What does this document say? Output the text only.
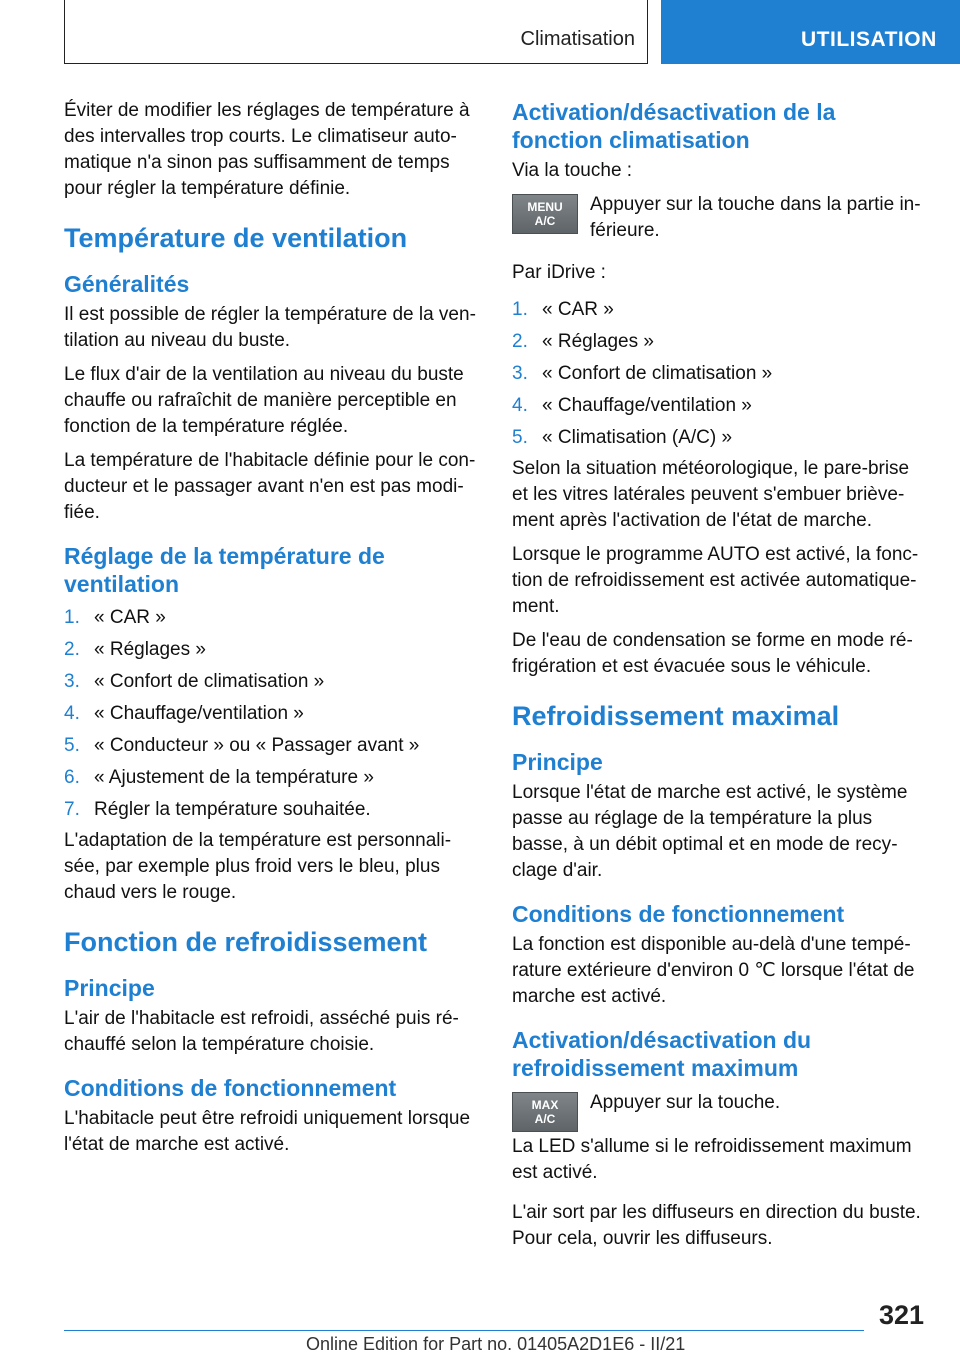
Climatisation	UTILISATION

Éviter de modifier les réglages de température à des intervalles trop courts. Le climatiseur automatique n'a sinon pas suffisamment de temps pour régler la température définie.

Température de ventilation
Généralités

Il est possible de régler la température de la ventilation au niveau du buste.

Le flux d'air de la ventilation au niveau du buste chauffe ou rafraîchit de manière perceptible en fonction de la température réglée.

La température de l'habitacle définie pour le conducteur et le passager avant n'en est pas modifiée.

Réglage de la température de ventilation
1. « CAR »
2. « Réglages »
3. « Confort de climatisation »
4. « Chauffage/ventilation »
5. « Conducteur » ou « Passager avant »
6. « Ajustement de la température »
7. Régler la température souhaitée.

L'adaptation de la température est personnalisée, par exemple plus froid vers le bleu, plus chaud vers le rouge.

Fonction de refroidissement
Principe

L'air de l'habitacle est refroidi, asséché puis réchauffé selon la température choisie.

Conditions de fonctionnement

L'habitacle peut être refroidi uniquement lorsque l'état de marche est activé.

Activation/désactivation de la fonction climatisation

Via la touche :

MENU
A/C

Appuyer sur la touche dans la partie inférieure.

Par iDrive :

1. « CAR »
2. « Réglages »
3. « Confort de climatisation »
4. « Chauffage/ventilation »
5. « Climatisation (A/C) »

Selon la situation météorologique, le pare-brise et les vitres latérales peuvent s'embuer brièvement après l'activation de l'état de marche.

Lorsque le programme AUTO est activé, la fonction de refroidissement est activée automatiquement.

De l'eau de condensation se forme en mode réfrigération et est évacuée sous le véhicule.

Refroidissement maximal
Principe

Lorsque l'état de marche est activé, le système passe au réglage de la température la plus basse, à un débit optimal et en mode de recyclage d'air.

Conditions de fonctionnement

La fonction est disponible au-delà d'une température extérieure d'environ 0 ℃ lorsque l'état de marche est activé.

Activation/désactivation du refroidissement maximum
MAX
A/C

Appuyer sur la touche.

La LED s'allume si le refroidissement maximum est activé.

L'air sort par les diffuseurs en direction du buste. Pour cela, ouvrir les diffuseurs.

321
Online Edition for Part no. 01405A2D1E6 - II/21
